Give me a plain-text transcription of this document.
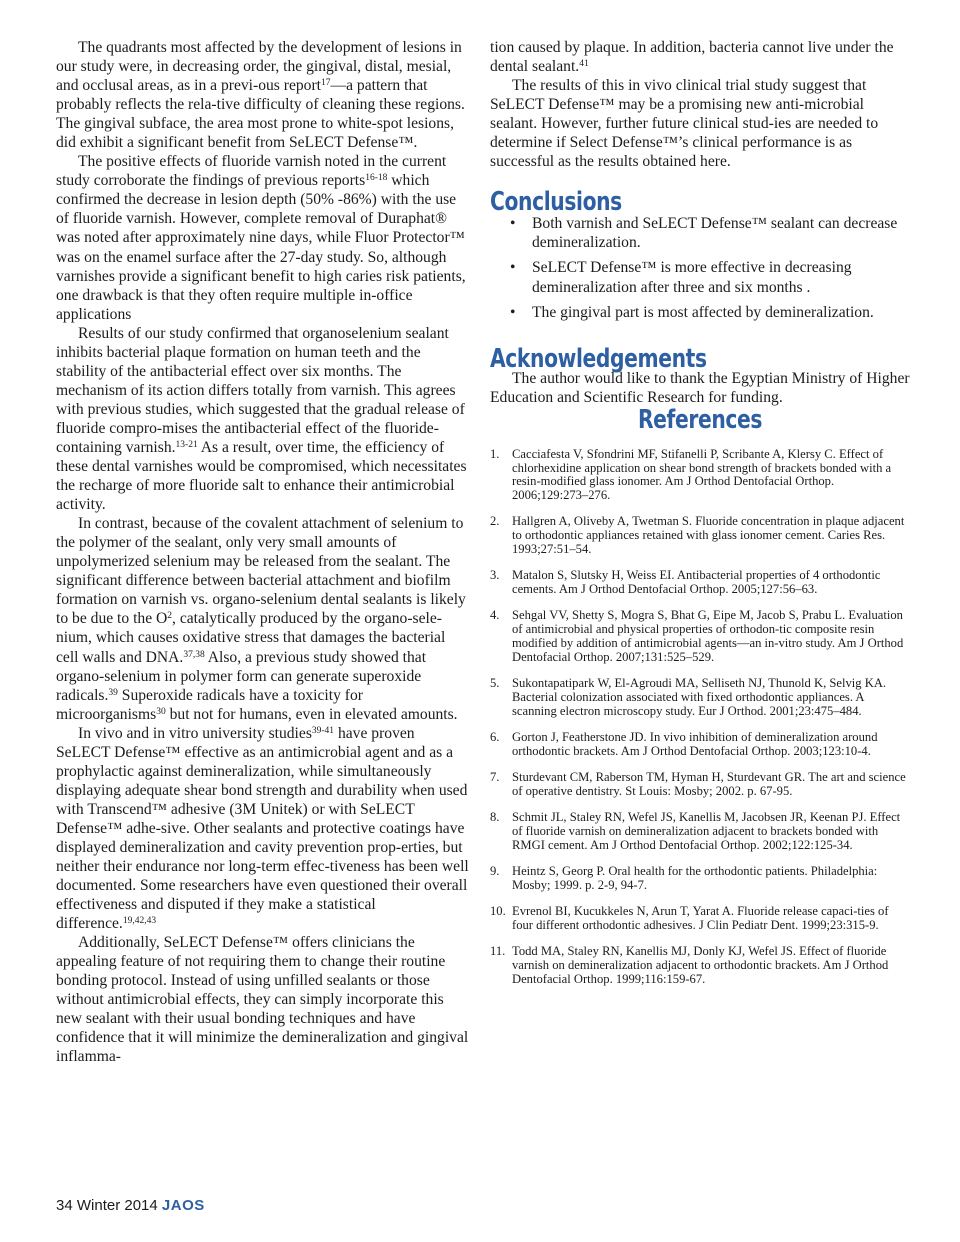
The quadrants most affected by the development of lesions in our study were, in decreasing order, the gingival, distal, mesial, and occlusal areas, as in a previ-ous report$^{17}$—a pattern that probably reflects the rela-tive difficulty of cleaning these regions. The gingival subface, the area most prone to white-spot lesions, did exhibit a significant benefit from SeLECT Defense™.

The positive effects of fluoride varnish noted in the current study corroborate the findings of previous reports$^{16-18}$ which confirmed the decrease in lesion depth (50% -86%) with the use of fluoride varnish. However, complete removal of Duraphat® was noted after approximately nine days, while Fluor Protector™ was on the enamel surface after the 27-day study. So, although varnishes provide a significant benefit to high caries risk patients, one drawback is that they often require multiple in-office applications

Results of our study confirmed that organoselenium sealant inhibits bacterial plaque formation on human teeth and the stability of the antibacterial effect over six months. The mechanism of its action differs totally from varnish. This agrees with previous studies, which suggested that the gradual release of fluoride compro-mises the antibacterial effect of the fluoride-containing varnish.$^{13-21}$ As a result, over time, the efficiency of these dental varnishes would be compromised, which necessitates the recharge of more fluoride salt to enhance their antimicrobial activity.

In contrast, because of the covalent attachment of selenium to the polymer of the sealant, only very small amounts of unpolymerized selenium may be released from the sealant. The significant difference between bacterial attachment and biofilm formation on varnish vs. organo-selenium dental sealants is likely to be due to the $O^2$, catalytically produced by the organo-sele-nium, which causes oxidative stress that damages the bacterial cell walls and DNA.$^{37,38}$ Also, a previous study showed that organo-selenium in polymer form can generate superoxide radicals.$^{39}$ Superoxide radicals have a toxicity for microorganisms$^{30}$ but not for humans, even in elevated amounts.

In vivo and in vitro university studies$^{39-41}$ have proven SeLECT Defense™ effective as an antimicrobial agent and as a prophylactic against demineralization, while simultaneously displaying adequate shear bond strength and durability when used with Transcend™ adhesive (3M Unitek) or with SeLECT Defense™ adhe-sive. Other sealants and protective coatings have displayed demineralization and cavity prevention prop-erties, but neither their endurance nor long-term effec-tiveness has been well documented. Some researchers have even questioned their overall effectiveness and disputed if they make a statistical difference.$^{19,42,43}$

Additionally, SeLECT Defense™ offers clinicians the appealing feature of not requiring them to change their routine bonding protocol. Instead of using unfilled sealants or those without antimicrobial effects, they can simply incorporate this new sealant with their usual bonding techniques and have confidence that it will minimize the demineralization and gingival inflamma-

tion caused by plaque. In addition, bacteria cannot live under the dental sealant.$^{41}$

The results of this in vivo clinical trial study suggest that SeLECT Defense™ may be a promising new anti-microbial sealant. However, further future clinical stud-ies are needed to determine if Select Defense™’s clinical performance is as successful as the results obtained here.

Conclusions
• Both varnish and SeLECT Defense™ sealant can decrease demineralization.
• SeLECT Defense™ is more effective in decreasing demineralization after three and six months .
• The gingival part is most affected by demineralization.
Acknowledgements

The author would like to thank the Egyptian Ministry of Higher Education and Scientific Research for funding.

References
1. Cacciafesta V, Sfondrini MF, Stifanelli P, Scribante A, Klersy C. Effect of chlorhexidine application on shear bond strength of brackets bonded with a resin-modified glass ionomer. Am J Orthod Dentofacial Orthop. 2006;129:273–276.
2. Hallgren A, Oliveby A, Twetman S. Fluoride concentration in plaque adjacent to orthodontic appliances retained with glass ionomer cement. Caries Res. 1993;27:51–54.
3. Matalon S, Slutsky H, Weiss EI. Antibacterial properties of 4 orthodontic cements. Am J Orthod Dentofacial Orthop. 2005;127:56–63.
4. Sehgal VV, Shetty S, Mogra S, Bhat G, Eipe M, Jacob S, Prabu L. Evaluation of antimicrobial and physical properties of orthodon-tic composite resin modified by addition of antimicrobial agents—an in-vitro study. Am J Orthod Dentofacial Orthop. 2007;131:525–529.
5. Sukontapatipark W, El-Agroudi MA, Selliseth NJ, Thunold K, Selvig KA. Bacterial colonization associated with fixed orthodontic appliances. A scanning electron microscopy study. Eur J Orthod. 2001;23:475–484.
6. Gorton J, Featherstone JD. In vivo inhibition of demineralization around orthodontic brackets. Am J Orthod Dentofacial Orthop. 2003;123:10-4.
7. Sturdevant CM, Raberson TM, Hyman H, Sturdevant GR. The art and science of operative dentistry. St Louis: Mosby; 2002. p. 67-95.
8. Schmit JL, Staley RN, Wefel JS, Kanellis M, Jacobsen JR, Keenan PJ. Effect of fluoride varnish on demineralization adjacent to brackets bonded with RMGI cement. Am J Orthod Dentofacial Orthop. 2002;122:125-34.
9. Heintz S, Georg P. Oral health for the orthodontic patients. Philadelphia: Mosby; 1999. p. 2-9, 94-7.
10. Evrenol BI, Kucukkeles N, Arun T, Yarat A. Fluoride release capaci-ties of four different orthodontic adhesives. J Clin Pediatr Dent. 1999;23:315-9.
11. Todd MA, Staley RN, Kanellis MJ, Donly KJ, Wefel JS. Effect of fluoride varnish on demineralization adjacent to orthodontic brackets. Am J Orthod Dentofacial Orthop. 1999;116:159-67.
34 Winter 2014 JAOS
